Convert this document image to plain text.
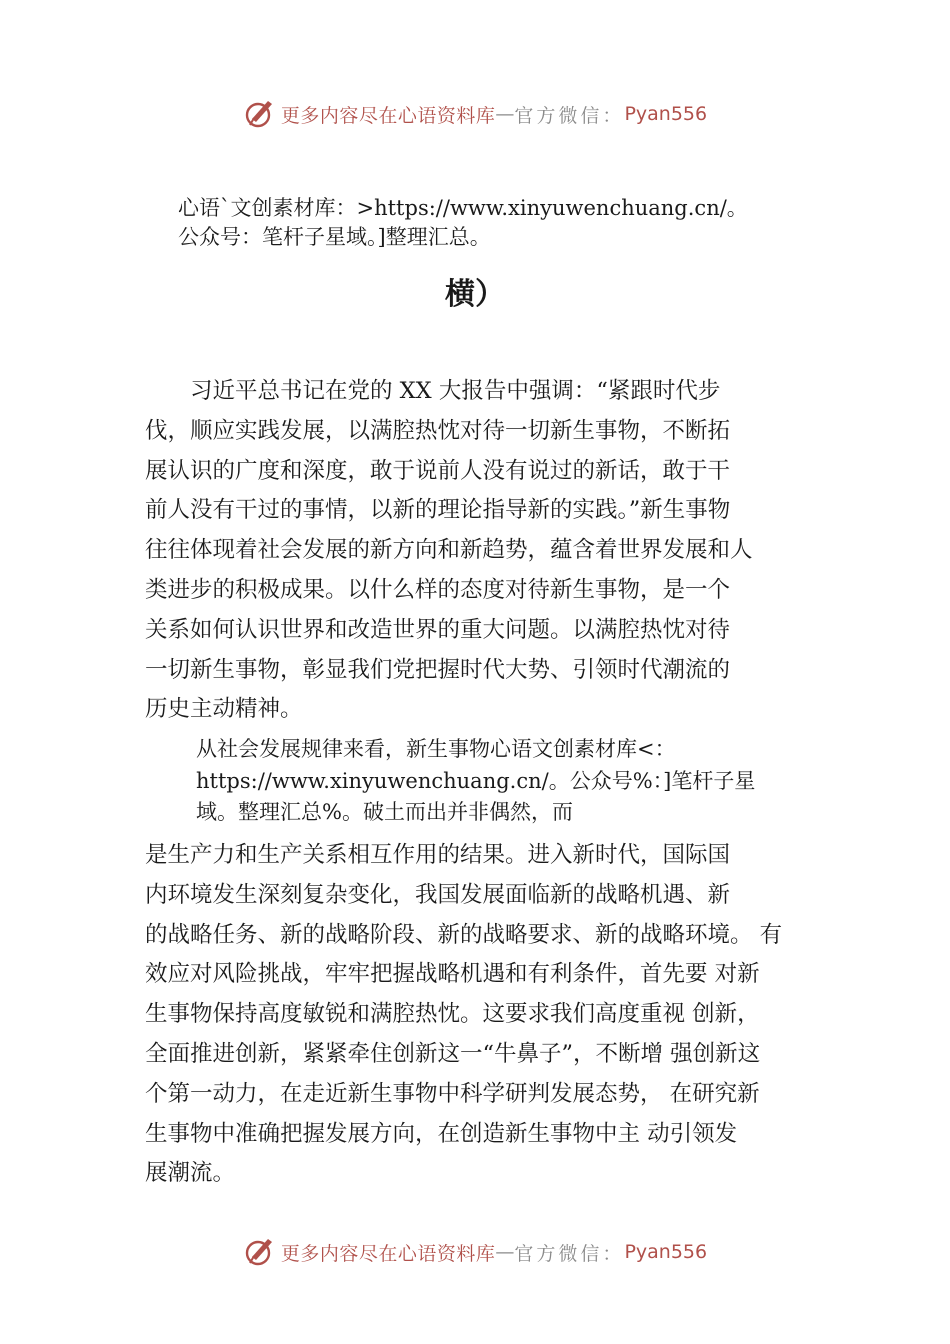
更多内容尽在心语资料库 — 官方微信： Pyan556
心语`文创素材库：>https://www.xinyuwenchuang.cn/。
公众号：笔杆子星域。]整理汇总。
横）

　　习近平总书记在党的 XX 大报告中强调：“紧跟时代步

伐，顺应实践发展，以满腔热忱对待一切新生事物，不断拓

展认识的广度和深度，敢于说前人没有说过的新话，敢于干

前人没有干过的事情，以新的理论指导新的实践。”新生事物

往往体现着社会发展的新方向和新趋势，蕴含着世界发展和人

类进步的积极成果。以什么样的态度对待新生事物，是一个

关系如何认识世界和改造世界的重大问题。以满腔热忱对待

一切新生事物，彰显我们党把握时代大势、引领时代潮流的

历史主动精神。

从社会发展规律来看，新生事物心语文创素材库<：
https://www.xinyuwenchuang.cn/。公众号%：]笔杆子星
域。整理汇总%。破土而出并非偶然，而

是生产力和生产关系相互作用的结果。进入新时代，国际国

内环境发生深刻复杂变化，我国发展面临新的战略机遇、新

的战略任务、新的战略阶段、新的战略要求、新的战略环境。 有

效应对风险挑战，牢牢把握战略机遇和有利条件，首先要 对新

生事物保持高度敏锐和满腔热忱。这要求我们高度重视 创新，

全面推进创新，紧紧牵住创新这一“牛鼻子”，不断增 强创新这

个第一动力，在走近新生事物中科学研判发展态势， 在研究新

生事物中准确把握发展方向，在创造新生事物中主 动引领发

展潮流。

更多内容尽在心语资料库 — 官方微信： Pyan556
